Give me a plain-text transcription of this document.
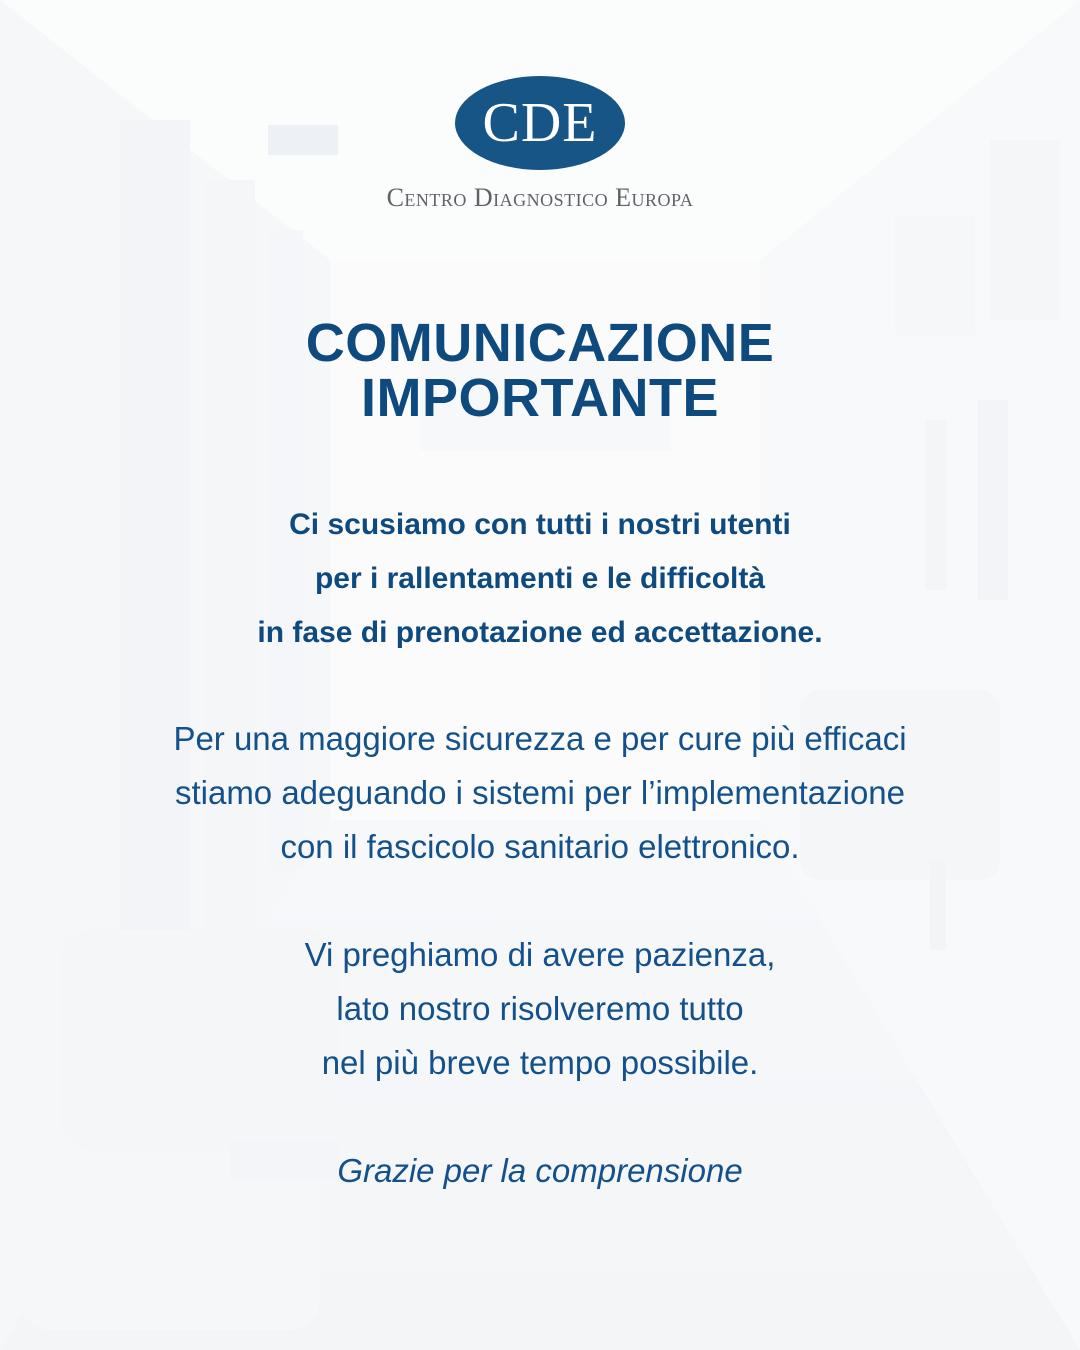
CDE
Centro Diagnostico Europa
COMUNICAZIONE
IMPORTANTE
Ci scusiamo con tutti i nostri utenti
per i rallentamenti e le difficoltà
in fase di prenotazione ed accettazione.
Per una maggiore sicurezza e per cure più efficaci
stiamo adeguando i sistemi per l’implementazione
con il fascicolo sanitario elettronico.
Vi preghiamo di avere pazienza,
lato nostro risolveremo tutto
nel più breve tempo possibile.
Grazie per la comprensione
